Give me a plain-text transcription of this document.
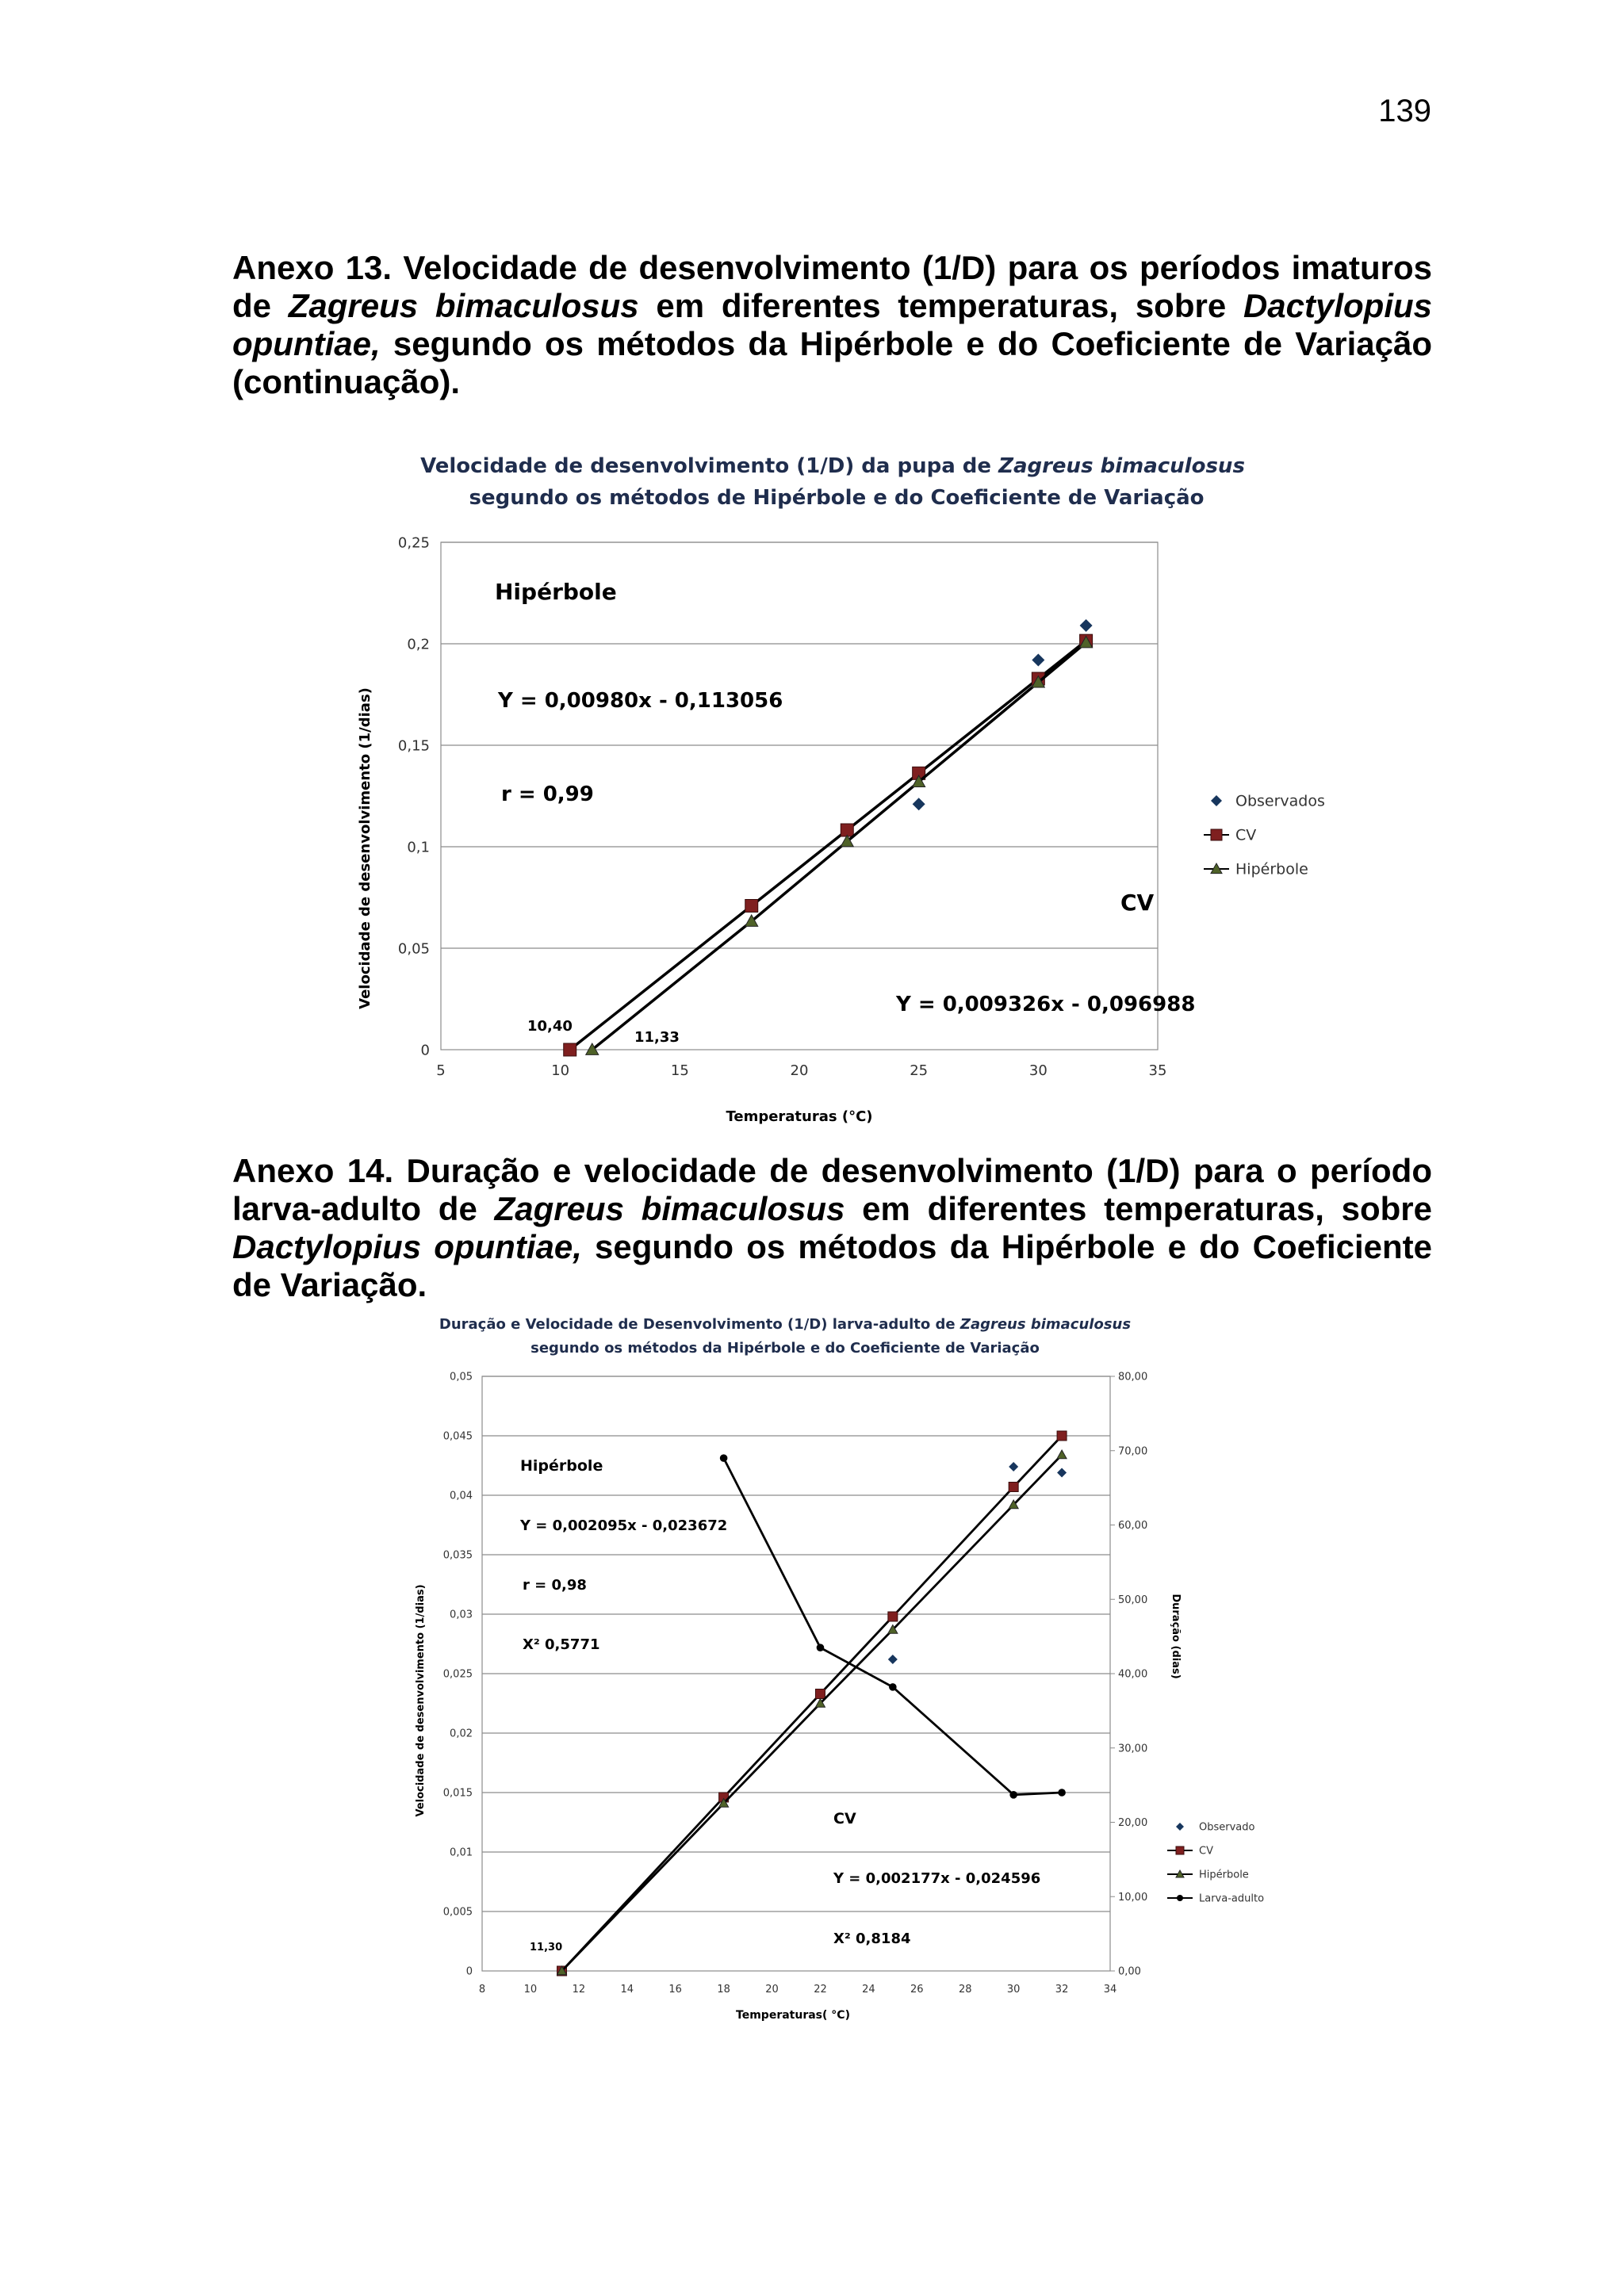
139

Anexo 13. Velocidade de desenvolvimento (1/D) para os períodos imaturos de Zagreus bimaculosus em diferentes temperaturas, sobre Dactylopius opuntiae, segundo os métodos da Hipérbole e do Coeficiente de Variação (continuação).

Velocidade de desenvolvimento (1/D) da pupa de Zagreus bimaculosus
segundo os métodos de Hipérbole e do Coeficiente de Variação
0
0,05
0,1
0,15
0,2
0,25
5	10	15	20	25	30	35
Velocidade de desenvolvimento (1/dias)
Temperaturas (°C)
Hipérbole
Y = 0,00980x - 0,113056
r = 0,99
CV
Y = 0,009326x - 0,096988
10,40
11,33
Observados
CV
Hipérbole

Anexo 14. Duração e velocidade de desenvolvimento (1/D) para o período larva-adulto de Zagreus bimaculosus em diferentes temperaturas, sobre Dactylopius opuntiae, segundo os métodos da Hipérbole e do Coeficiente de Variação.

Duração e Velocidade de Desenvolvimento (1/D) larva-adulto de Zagreus bimaculosus
segundo os métodos da Hipérbole e do Coeficiente de Variação
0
0,005
0,01
0,015
0,02
0,025
0,03
0,035
0,04
0,045
0,05
8	10	12	14	16	18	20	22	24	26	28	30	32	34
0,00
10,00
20,00
30,00
40,00
50,00
60,00
70,00
80,00
Velocidade de desenvolvimento (1/dias)	Duração (dias)
Temperaturas( °C)
Hipérbole
Y = 0,002095x - 0,023672
r = 0,98
X² 0,5771
CV
Y = 0,002177x - 0,024596
X² 0,8184
11,30
Observado
CV
Hipérbole
Larva-adulto
